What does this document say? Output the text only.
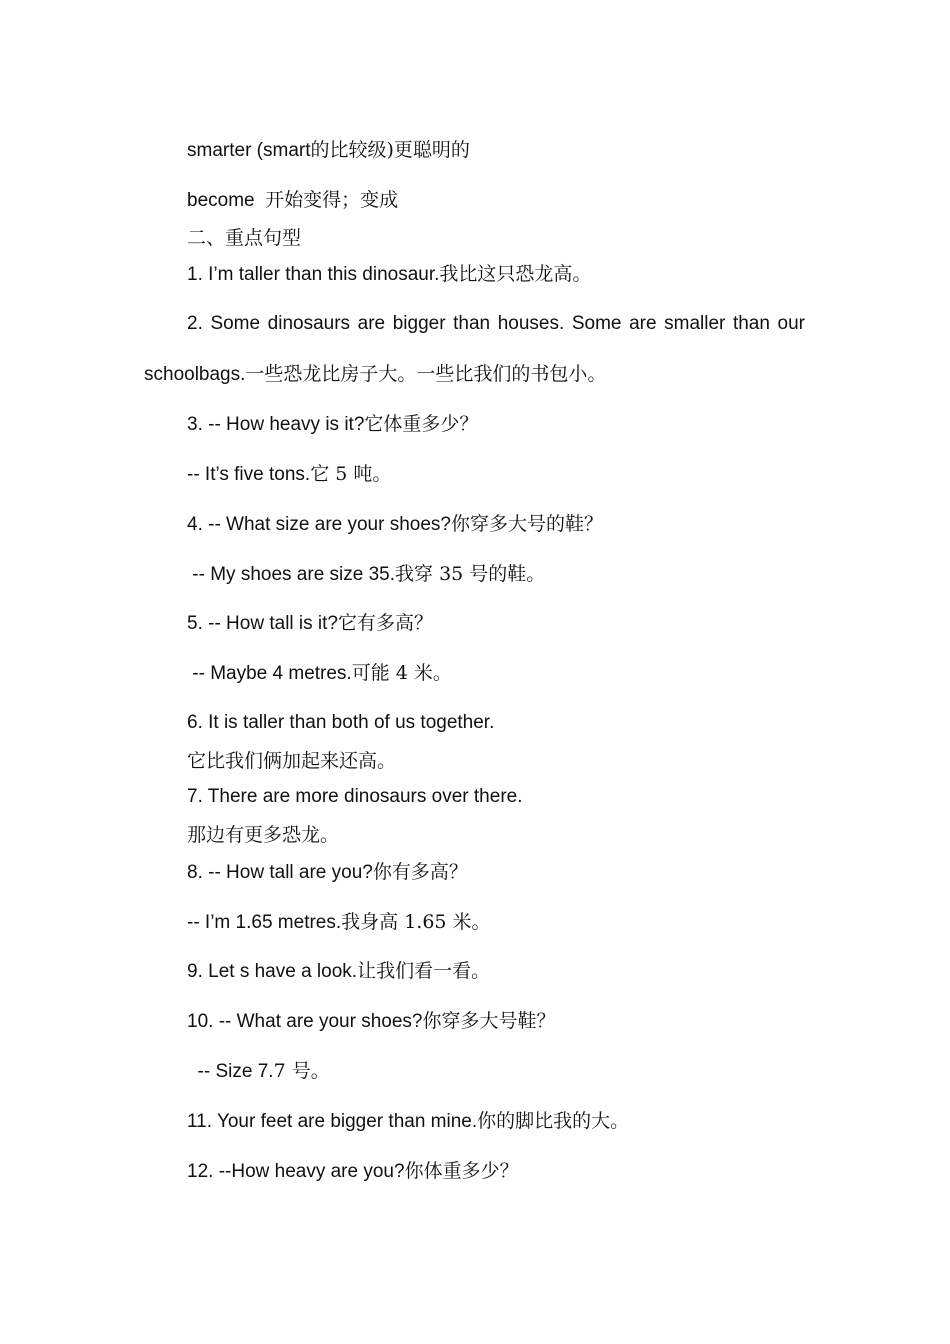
smarter (smart的比较级)更聪明的
become  开始变得；变成
二、重点句型
1. I’m taller than this dinosaur.我比这只恐龙高。
2. Some dinosaurs are bigger than houses. Some are smaller than our
schoolbags.一些恐龙比房子大。一些比我们的书包小。
3. -- How heavy is it?它体重多少？
-- It’s five tons.它 5 吨。
4. -- What size are your shoes?你穿多大号的鞋？
-- My shoes are size 35.我穿 35 号的鞋。
5. -- How tall is it?它有多高？
-- Maybe 4 metres.可能 4 米。
6. It is taller than both of us together.
它比我们俩加起来还高。
7. There are more dinosaurs over there.
那边有更多恐龙。
8. -- How tall are you?你有多高？
-- I’m 1.65 metres.我身高 1.65 米。
9. Let s have a look.让我们看一看。
10. -- What are your shoes?你穿多大号鞋？
-- Size 7.7 号。
11. Your feet are bigger than mine.你的脚比我的大。
12. --How heavy are you?你体重多少？
